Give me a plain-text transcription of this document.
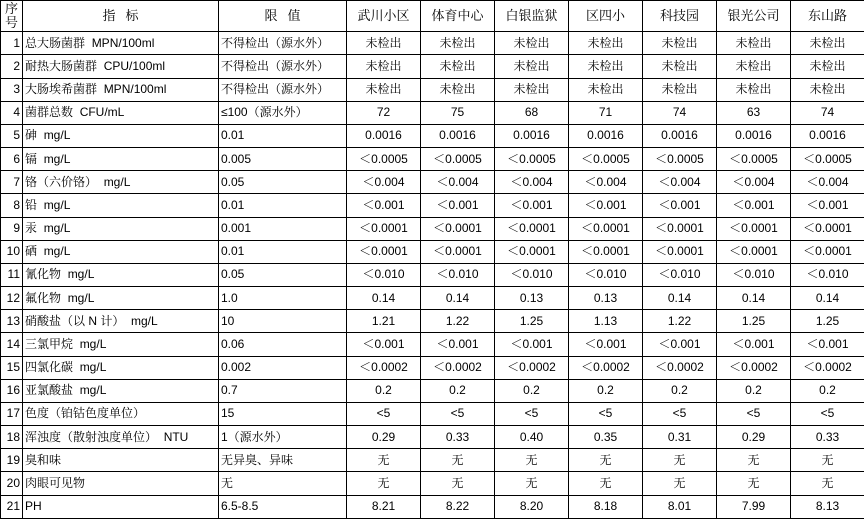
序
号	指标	限值	武川小区	体育中心	白银监狱	区四小	科技园	银光公司	东山路
1	总大肠菌群 MPN/100ml	不得检出（源水外）	未检出	未检出	未检出	未检出	未检出	未检出	未检出
2	耐热大肠菌群 CPU/100ml	不得检出（源水外）	未检出	未检出	未检出	未检出	未检出	未检出	未检出
3	大肠埃希菌群 MPN/100ml	不得检出（源水外）	未检出	未检出	未检出	未检出	未检出	未检出	未检出
4	菌群总数 CFU/mL	≤100（源水外）	72	75	68	71	74	63	74
5	砷 mg/L	0.01	0.0016	0.0016	0.0016	0.0016	0.0016	0.0016	0.0016
6	镉 mg/L	0.005	＜0.0005	＜0.0005	＜0.0005	＜0.0005	＜0.0005	＜0.0005	＜0.0005
7	铬（六价铬） mg/L	0.05	＜0.004	＜0.004	＜0.004	＜0.004	＜0.004	＜0.004	＜0.004
8	铅 mg/L	0.01	＜0.001	＜0.001	＜0.001	＜0.001	＜0.001	＜0.001	＜0.001
9	汞 mg/L	0.001	＜0.0001	＜0.0001	＜0.0001	＜0.0001	＜0.0001	＜0.0001	＜0.0001
10	硒 mg/L	0.01	＜0.0001	＜0.0001	＜0.0001	＜0.0001	＜0.0001	＜0.0001	＜0.0001
11	氰化物 mg/L	0.05	＜0.010	＜0.010	＜0.010	＜0.010	＜0.010	＜0.010	＜0.010
12	氟化物 mg/L	1.0	0.14	0.14	0.13	0.13	0.14	0.14	0.14
13	硝酸盐（以 N 计） mg/L	10	1.21	1.22	1.25	1.13	1.22	1.25	1.25
14	三氯甲烷 mg/L	0.06	＜0.001	＜0.001	＜0.001	＜0.001	＜0.001	＜0.001	＜0.001
15	四氯化碳 mg/L	0.002	＜0.0002	＜0.0002	＜0.0002	＜0.0002	＜0.0002	＜0.0002	＜0.0002
16	亚氯酸盐 mg/L	0.7	0.2	0.2	0.2	0.2	0.2	0.2	0.2
17	色度（铂钴色度单位）	15	<5	<5	<5	<5	<5	<5	<5
18	浑浊度（散射浊度单位） NTU	1（源水外）	0.29	0.33	0.40	0.35	0.31	0.29	0.33
19	臭和味	无异臭、异味	无	无	无	无	无	无	无
20	肉眼可见物	无	无	无	无	无	无	无	无
21	PH	6.5-8.5	8.21	8.22	8.20	8.18	8.01	7.99	8.13
